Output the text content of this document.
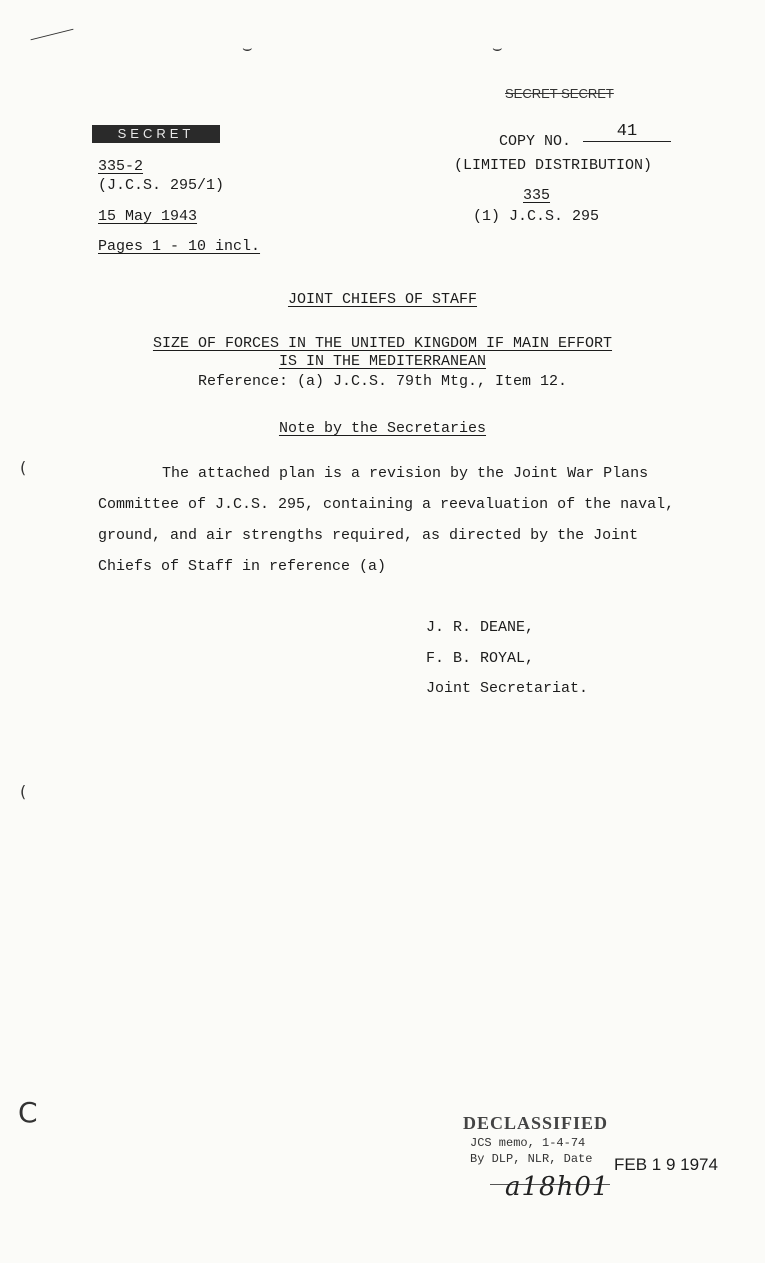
⌣	⌣
SECRET SECRET
COPY NO.
41
(LIMITED DISTRIBUTION)
335
(1) J.C.S. 295
SECRET
335-2
(J.C.S. 295/1)
15 May 1943
Pages 1 - 10 incl.
JOINT CHIEFS OF STAFF
SIZE OF FORCES IN THE UNITED KINGDOM IF MAIN EFFORT
IS IN THE MEDITERRANEAN
Reference: (a) J.C.S. 79th Mtg., Item 12.
Note by the Secretaries
The attached plan is a revision by the Joint War Plans Committee of J.C.S. 295, containing a reevaluation of the naval, ground, and air strengths required, as directed by the Joint Chiefs of Staff in reference (a)
J. R. DEANE,
F. B. ROYAL,
Joint Secretariat.
(
(
C	DECLASSIFIED
JCS memo, 1-4-74
By DLP, NLR, Date FEB 1 9 1974
a18h01
